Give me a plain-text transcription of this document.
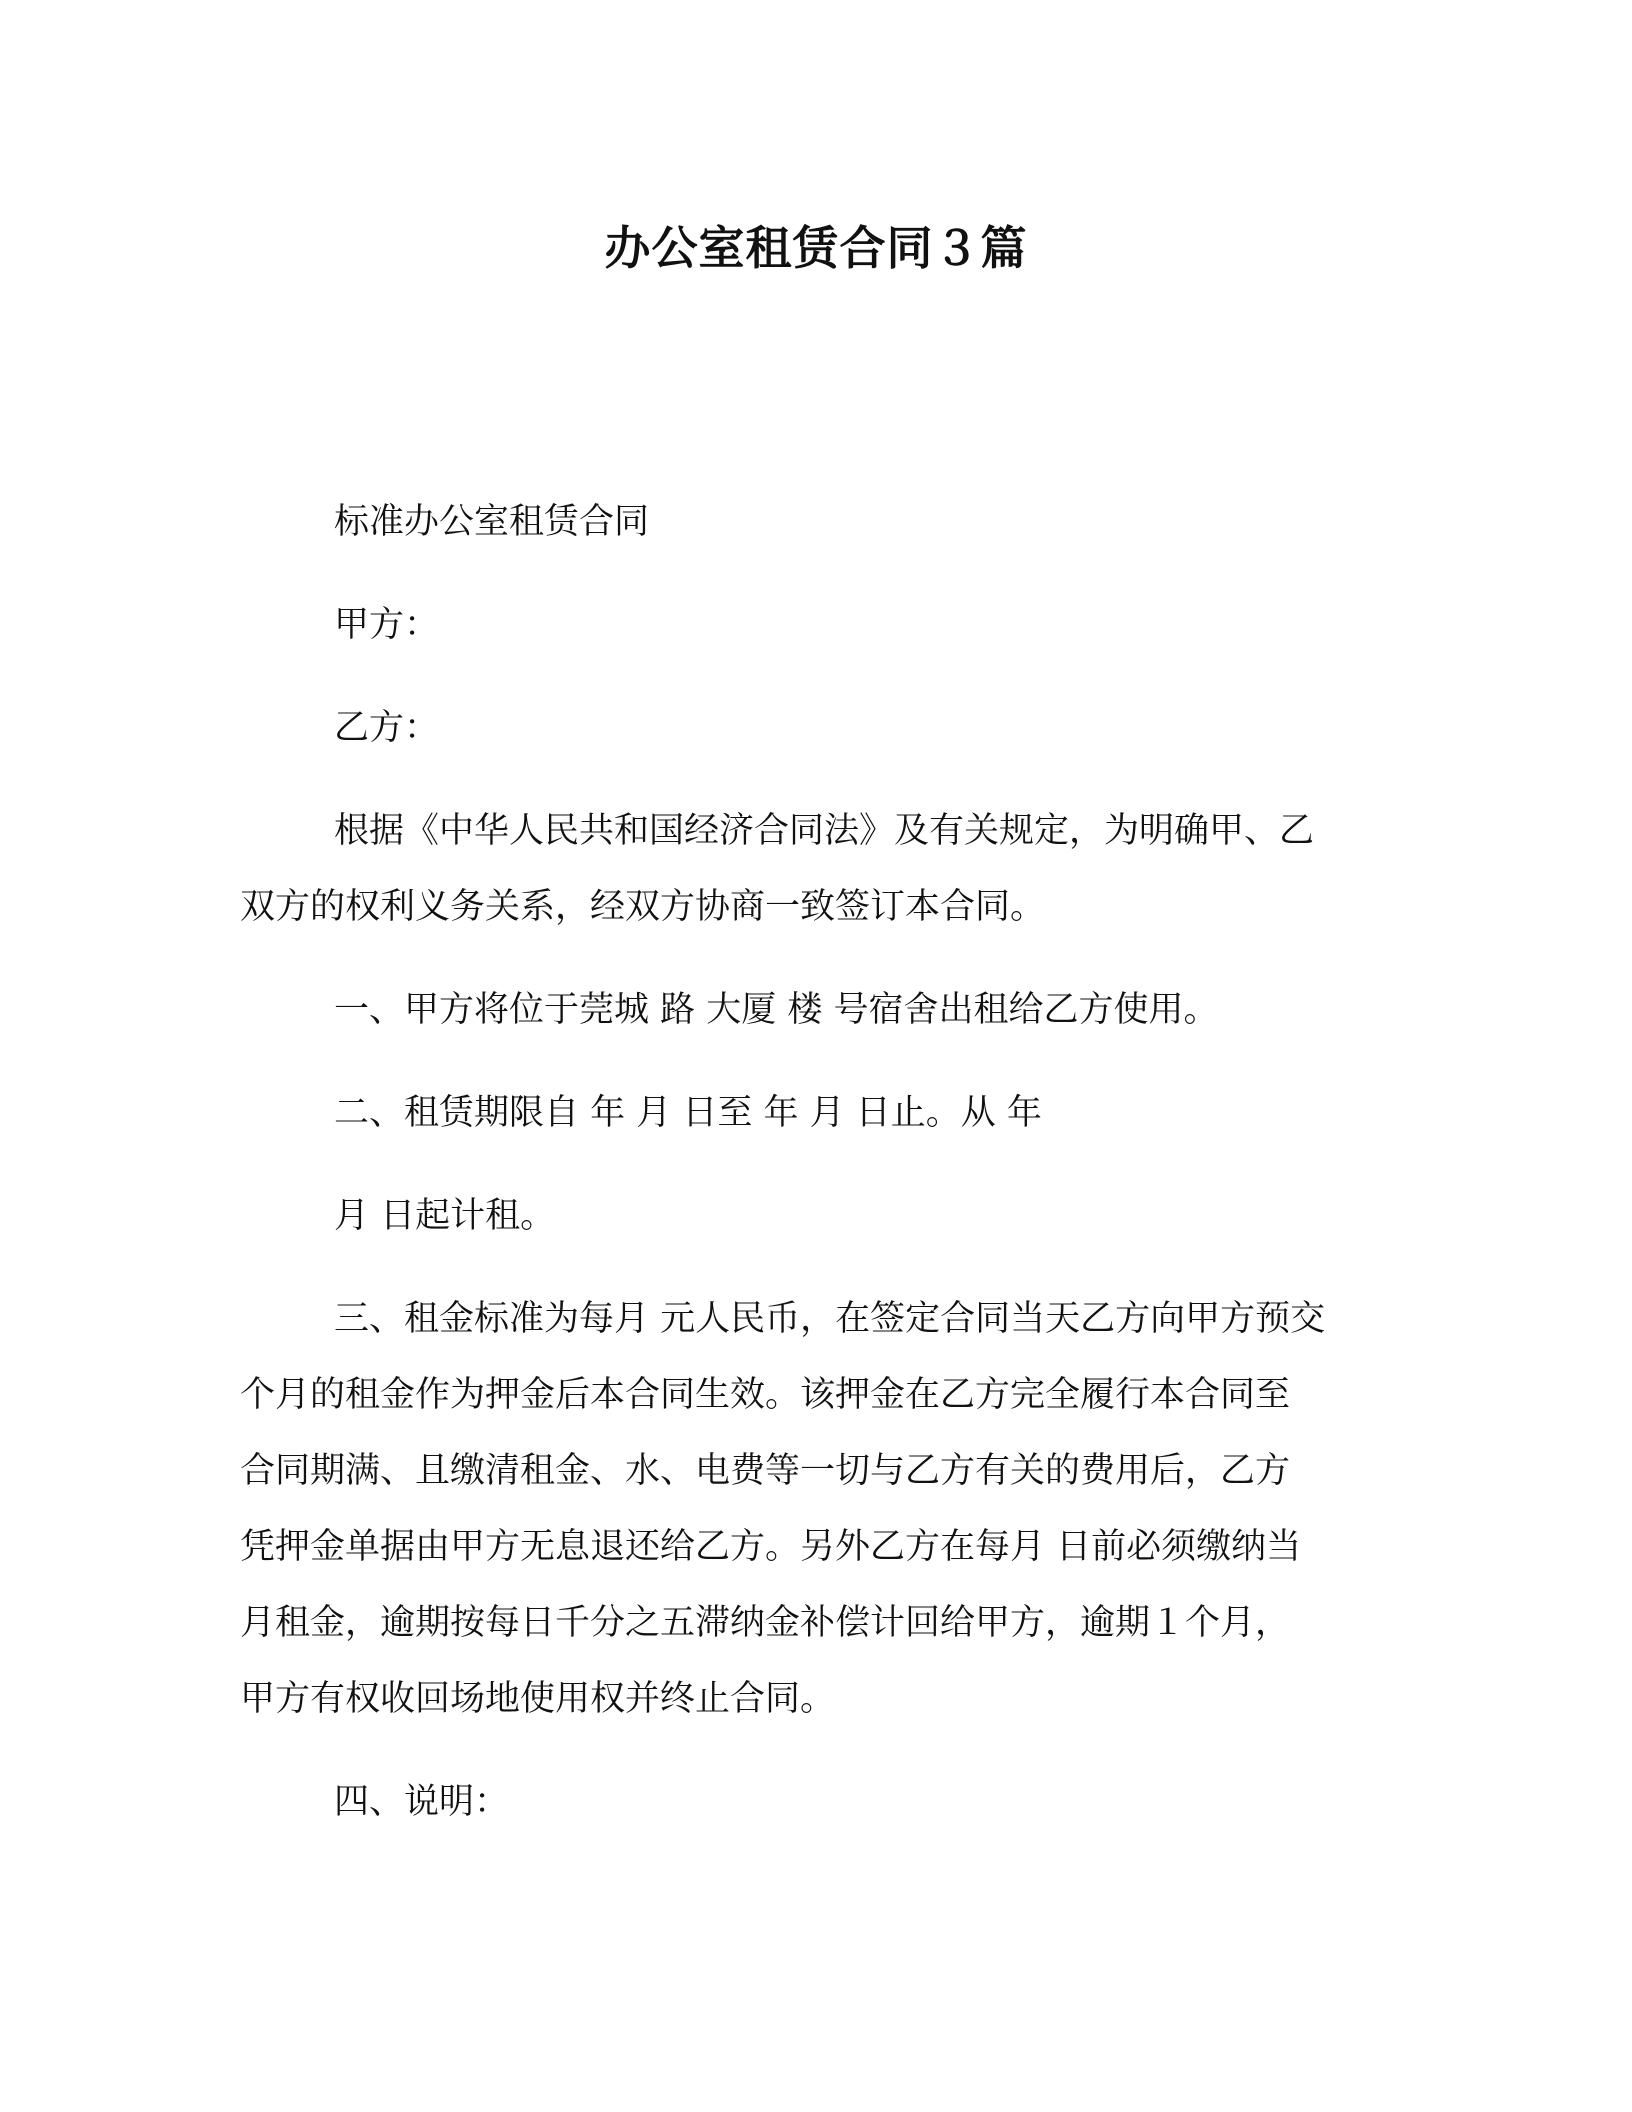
办公室租赁合同３篇

标准办公室租赁合同

甲方：

乙方：

根据《中华人民共和国经济合同法》及有关规定，为明确甲、乙

双方的权利义务关系，经双方协商一致签订本合同。

一、甲方将位于莞城 路 大厦 楼 号宿舍出租给乙方使用。

二、租赁期限自 年 月 日至 年 月 日止。从 年

月 日起计租。

三、租金标准为每月 元人民币，在签定合同当天乙方向甲方预交

个月的租金作为押金后本合同生效。该押金在乙方完全履行本合同至

合同期满、且缴清租金、水、电费等一切与乙方有关的费用后，乙方

凭押金单据由甲方无息退还给乙方。另外乙方在每月 日前必须缴纳当

月租金，逾期按每日千分之五滞纳金补偿计回给甲方，逾期１个月，

甲方有权收回场地使用权并终止合同。

四、说明：
